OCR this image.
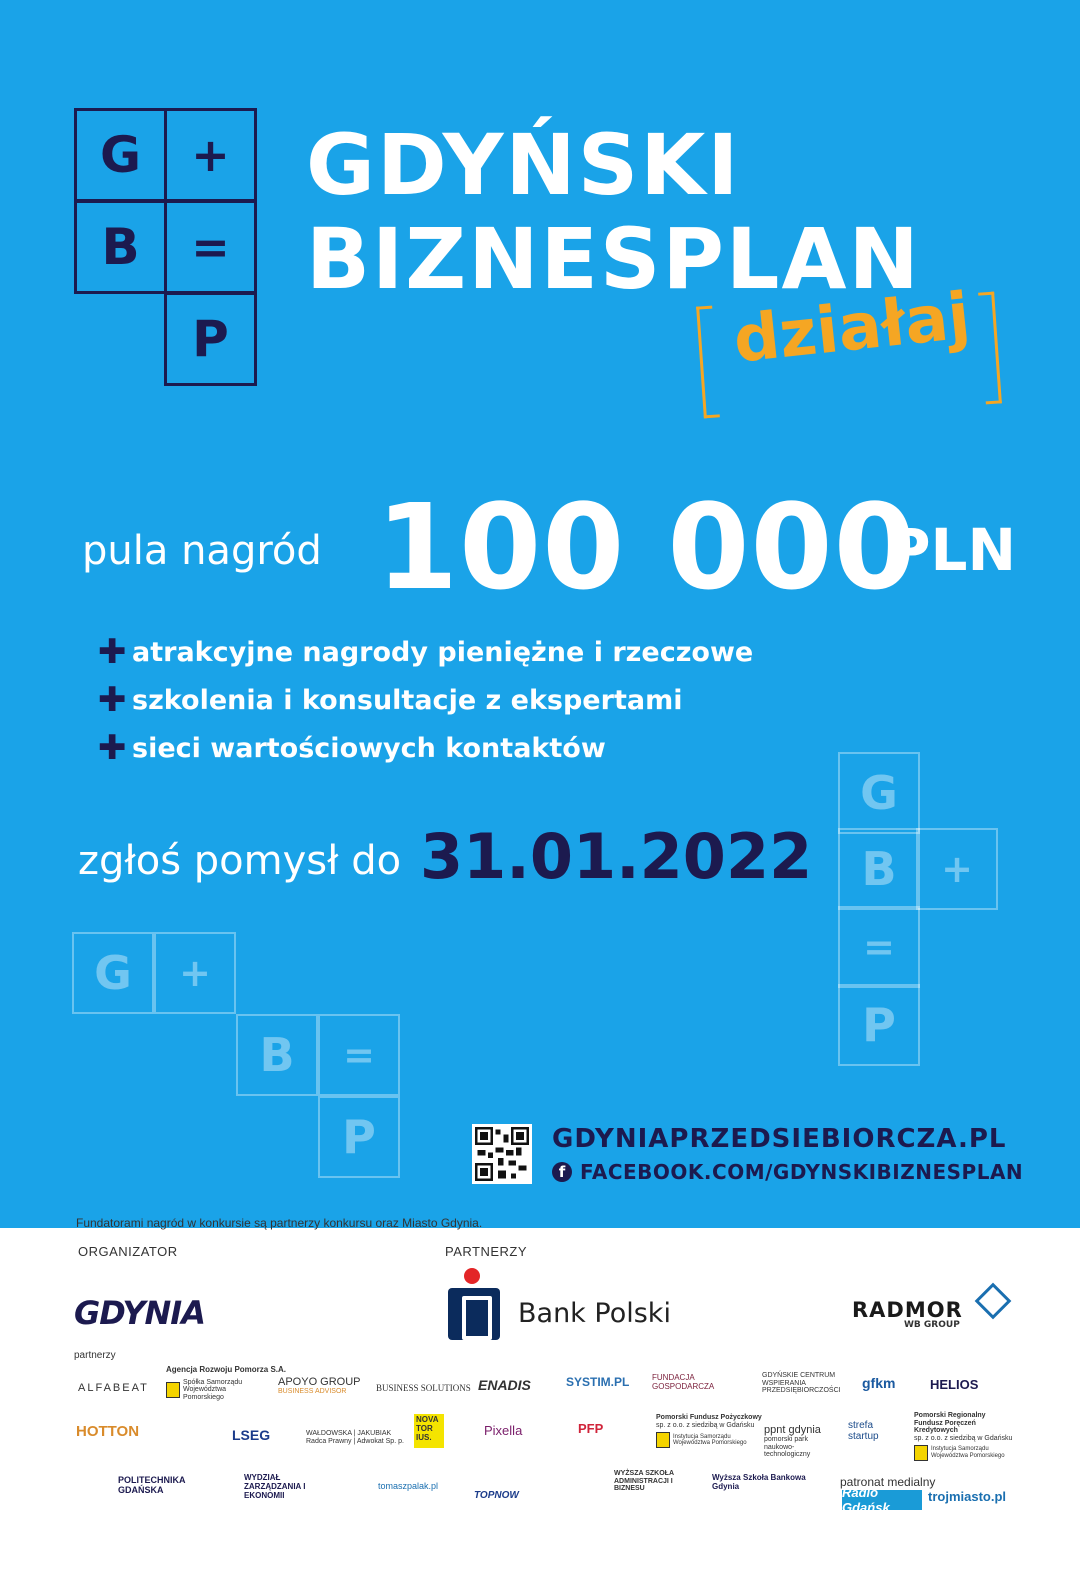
G +
B =
P
GDYŃSKI
BIZNESPLAN
działaj
pula nagród 100 000
PLN
✚ atrakcyjne nagrody pieniężne i rzeczowe
✚ szkolenia i konsultacje z ekspertami
✚ sieci wartościowych kontaktów
zgłoś pomysł do 31.01.2022
G	+
B	=
P
G
B	+
=
P
GDYNIAPRZEDSIEBIORCZA.PL
f FACEBOOK.COM/GDYNSKIBIZNESPLAN
Fundatorami nagród w konkursie są partnerzy konkursu oraz Miasto Gdynia.
ORGANIZATOR	PARTNERZY
GDYNIA	Bank Polski	RADMOR
WB GROUP
partnerzy
ALFABEAT
Agencja Rozwoju Pomorza S.A.
Spółka Samorządu Województwa Pomorskiego
APOYO GROUP
BUSINESS ADVISOR	BUSINESS SOLUTIONS ENADIS	SYSTIM.PL	FUNDACJA GOSPODARCZA
GDYŃSKIE CENTRUM WSPIERANIA PRZEDSIĘBIORCZOŚCI	gfkm	HELIOS
HOTTON	LSEG	WAŁDOWSKA | JAKUBIAK
Radca Prawny | Adwokat Sp. p.
NOVA TOR IUS.	Pixella	PFP
Pomorski Fundusz Pożyczkowy
sp. z o.o. z siedzibą w Gdańsku
Instytucja Samorządu Województwa Pomorskiego
ppnt gdynia
pomorski park naukowo-technologiczny
strefa startup
Pomorski Regionalny Fundusz Poręczeń Kredytowych
sp. z o.o. z siedzibą w Gdańsku
Instytucja Samorządu Województwa Pomorskiego
POLITECHNIKA GDAŃSKA
WYDZIAŁ ZARZĄDZANIA I EKONOMII
tomaszpalak.pl
TOPNOW
WYŻSZA SZKOŁA ADMINISTRACJI I BIZNESU
Wyższa Szkoła Bankowa Gdynia	patronat medialny
Radio Gdańsk
trojmiasto.pl
